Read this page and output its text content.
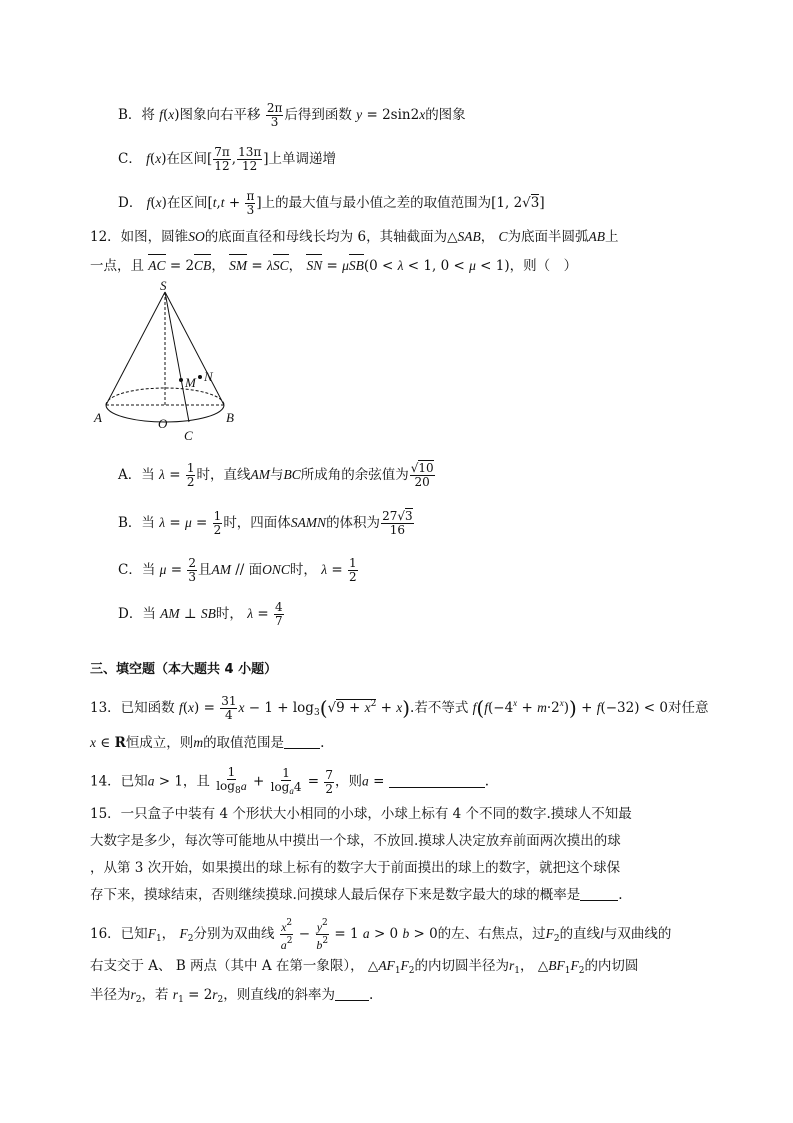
B．将 f(x)图象向右平移 $\frac{2\pi}{3}$ 后得到函数 y = 2sin2x的图象
C． f(x)在区间[ $\frac{7\pi}{12}$ , $\frac{13\pi}{12}$ ]上单调递增
D． f(x)在区间[$t,t + \frac{\pi}{3}$ ]上的最大值与最小值之差的取值范围为[1, 2√3]
12．如图，圆锥SO的底面直径和母线长均为 6，其轴截面为△SAB， C为底面半圆弧AB上
一点，且 AC = 2CB， SM = λSC， SN = μSB(0 < λ < 1, 0 < μ < 1)，则（　）
S
A	B
O
C
M N
A．当 $\lambda = \frac{1}{2}$ 时，直线AM与BC所成角的余弦值为 $\frac{√10}{20}$
B．当 $\lambda = \mu = \frac{1}{2}$ 时，四面体SAMN的体积为 $\frac{27√3}{16}$
C．当 $\mu = \frac{2}{3}$ 且AM // 面ONC时， $\lambda = \frac{1}{2}$
D．当 AM ⊥ SB时， $\lambda = \frac{4}{7}$
三、填空题（本大题共 4 小题）
13．已知函数 $f(x) = \frac{31}{4}$ $x - 1 + \log_3(√9 + x^2 + x)$.若不等式 $f(f(-4^x + m\cdot 2^x)) + f(-32) < 0$对任意
x ∈ R恒成立，则m的取值范围是	.
14．已知a > 1，且 $\frac{1}{\log_8a} + \frac{1}{\log_a4} = \frac{7}{2}$ ，则a =	.
15．一只盒子中装有 4 个形状大小相同的小球，小球上标有 4 个不同的数字.摸球人不知最
大数字是多少，每次等可能地从中摸出一个球，不放回.摸球人决定放弃前面两次摸出的球
，从第 3 次开始，如果摸出的球上标有的数字大于前面摸出的球上的数字，就把这个球保
存下来，摸球结束，否则继续摸球.问摸球人最后保存下来是数字最大的球的概率是	.
16．已知$F_1$， $F_2$分别为双曲线 $\frac{x^2}{a^2} - \frac{y^2}{b^2} = 1$ a > 0 b > 0的左、右焦点，过$F_2$的直线l与双曲线的
右支交于 A、 B 两点（其中 A 在第一象限）， $\triangle AF_1F_2$的内切圆半径为$r_1$， $\triangle BF_1F_2$的内切圆
半径为$r_2$，若 $r_1 = 2r_2$，则直线l的斜率为	.
